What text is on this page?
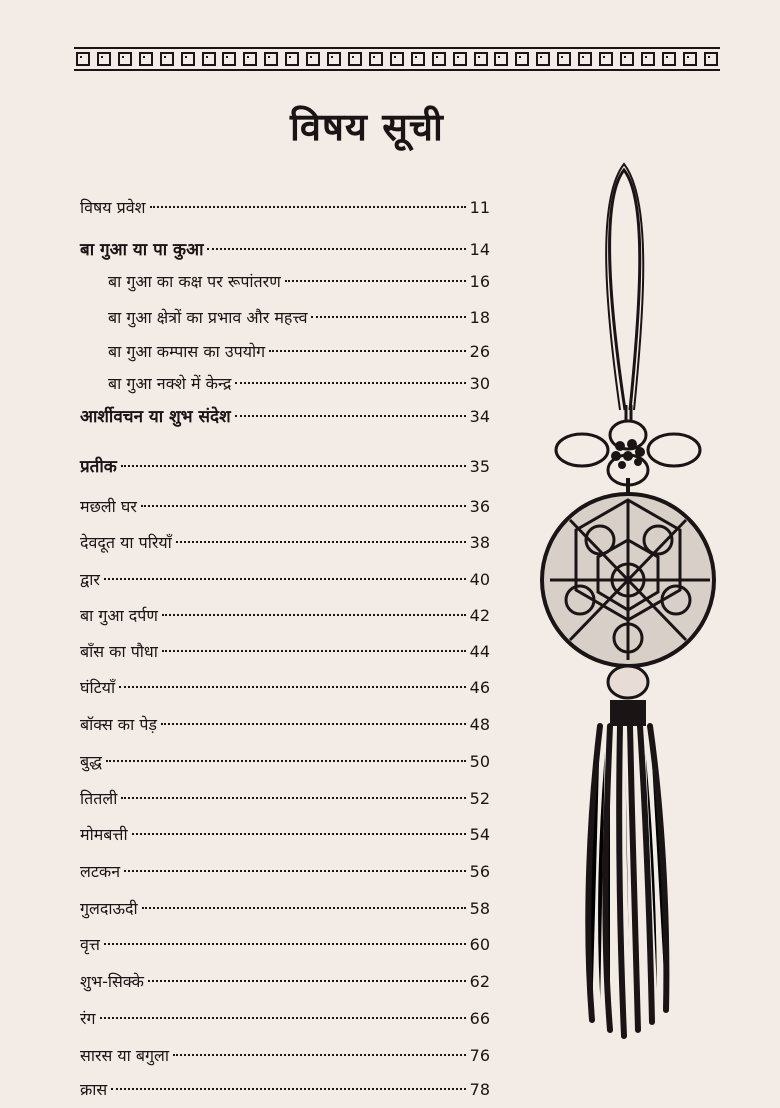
विषय सूची
विषय प्रवेश	11
बा गुआ या पा कुआ	14
बा गुआ का कक्ष पर रूपांतरण	16
बा गुआ क्षेत्रों का प्रभाव और महत्त्व	18
बा गुआ कम्पास का उपयोग	26
बा गुआ नक्शे में केन्द्र	30
आर्शीवचन या शुभ संदेश	34
प्रतीक	35
मछली घर	36
देवदूत या परियाँ	38
द्वार	40
बा गुआ दर्पण	42
बाँस का पौधा	44
घंटियाँ	46
बॉक्स का पेड़	48
बुद्ध	50
तितली	52
मोमबत्ती	54
लटकन	56
गुलदाऊदी	58
वृत्त	60
शुभ-सिक्के	62
रंग	66
सारस या बगुला	76
क्रास	78
